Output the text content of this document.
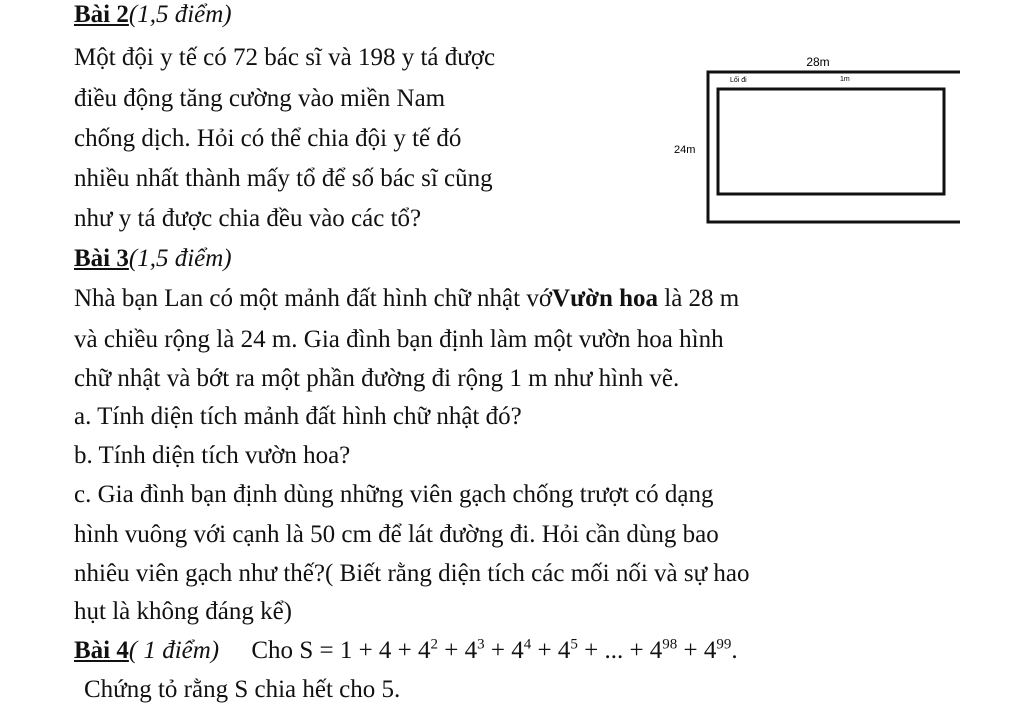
Bài 2(1,5 điểm)
Một đội y tế có 72 bác sĩ và 198 y tá được
điều động tăng cường vào miền Nam
chống dịch. Hỏi có thể chia đội y tế đó
nhiều nhất thành mấy tổ để số bác sĩ cũng
như y tá được chia đều vào các tổ?
28m
Lối đi	1m
24m
Bài 3(1,5 điểm)
Nhà bạn Lan có một mảnh đất hình chữ nhật vớVườn hoa là 28 m
và chiều rộng là 24 m. Gia đình bạn định làm một vườn hoa hình
chữ nhật và bớt ra một phần đường đi rộng 1 m như hình vẽ.
a. Tính diện tích mảnh đất hình chữ nhật đó?
b. Tính diện tích vườn hoa?
c. Gia đình bạn định dùng những viên gạch chống trượt có dạng
hình vuông với cạnh là 50 cm để lát đường đi. Hỏi cần dùng bao
nhiêu viên gạch như thế?( Biết rằng diện tích các mối nối và sự hao
hụt là không đáng kể)
Bài 4( 1 điểm) Cho $S = 1 + 4 + 4^2 + 4^3 + 4^4 + 4^5$ + ... + $4^{98} + 4^{99}$.
Chứng tỏ rằng S chia hết cho 5.
